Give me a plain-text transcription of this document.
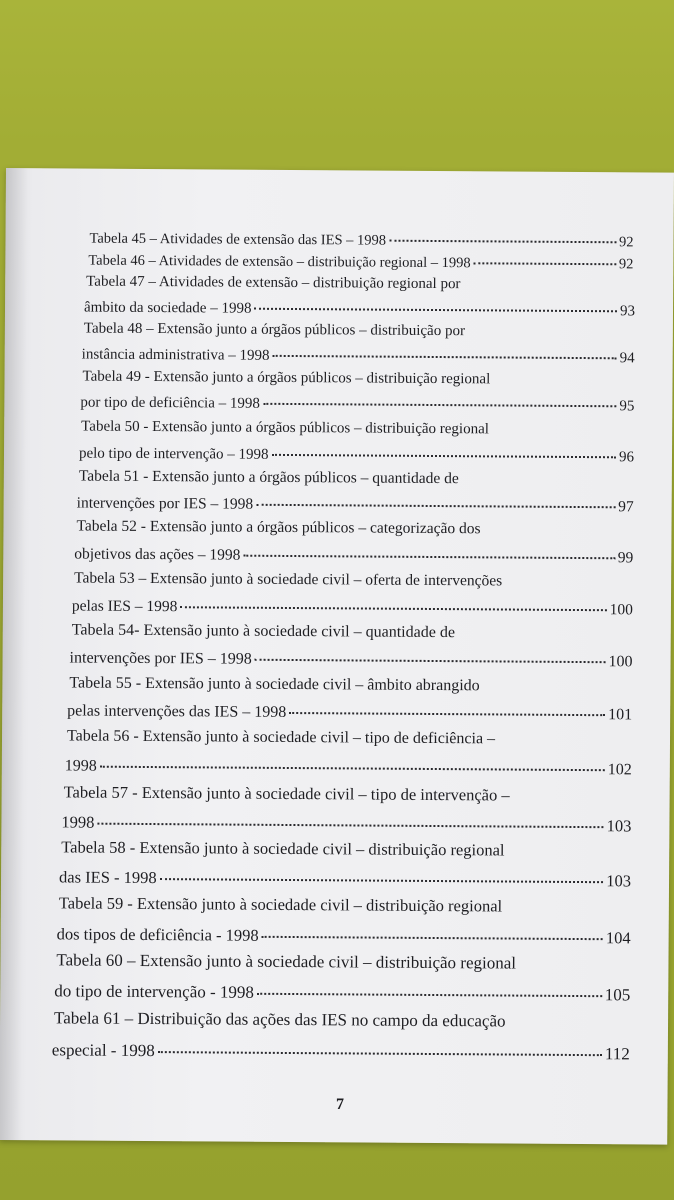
Tabela 45 – Atividades de extensão das IES – 1998	92
Tabela 46 – Atividades de extensão – distribuição regional – 1998	92
Tabela 47 – Atividades de extensão – distribuição regional por
âmbito da sociedade – 1998	93
Tabela 48 – Extensão junto a órgãos públicos – distribuição por
instância administrativa – 1998	94
Tabela 49 - Extensão junto a órgãos públicos – distribuição regional
por tipo de deficiência – 1998	95
Tabela 50 - Extensão junto a órgãos públicos – distribuição regional
pelo tipo de intervenção – 1998	96
Tabela 51 - Extensão junto a órgãos públicos – quantidade de
intervenções por IES – 1998	97
Tabela 52 - Extensão junto a órgãos públicos – categorização dos
objetivos das ações – 1998	99
Tabela 53 – Extensão junto à sociedade civil – oferta de intervenções
pelas IES – 1998	100
Tabela 54- Extensão junto à sociedade civil – quantidade de
intervenções por IES – 1998	100
Tabela 55 - Extensão junto à sociedade civil – âmbito abrangido
pelas intervenções das IES – 1998	101
Tabela 56 - Extensão junto à sociedade civil – tipo de deficiência –
1998	102
Tabela 57 - Extensão junto à sociedade civil – tipo de intervenção –
1998	103
Tabela 58 - Extensão junto à sociedade civil – distribuição regional
das IES - 1998	103
Tabela 59 - Extensão junto à sociedade civil – distribuição regional
dos tipos de deficiência - 1998	104
Tabela 60 – Extensão junto à sociedade civil – distribuição regional
do tipo de intervenção - 1998	105
Tabela 61 – Distribuição das ações das IES no campo da educação
especial - 1998	112
7
